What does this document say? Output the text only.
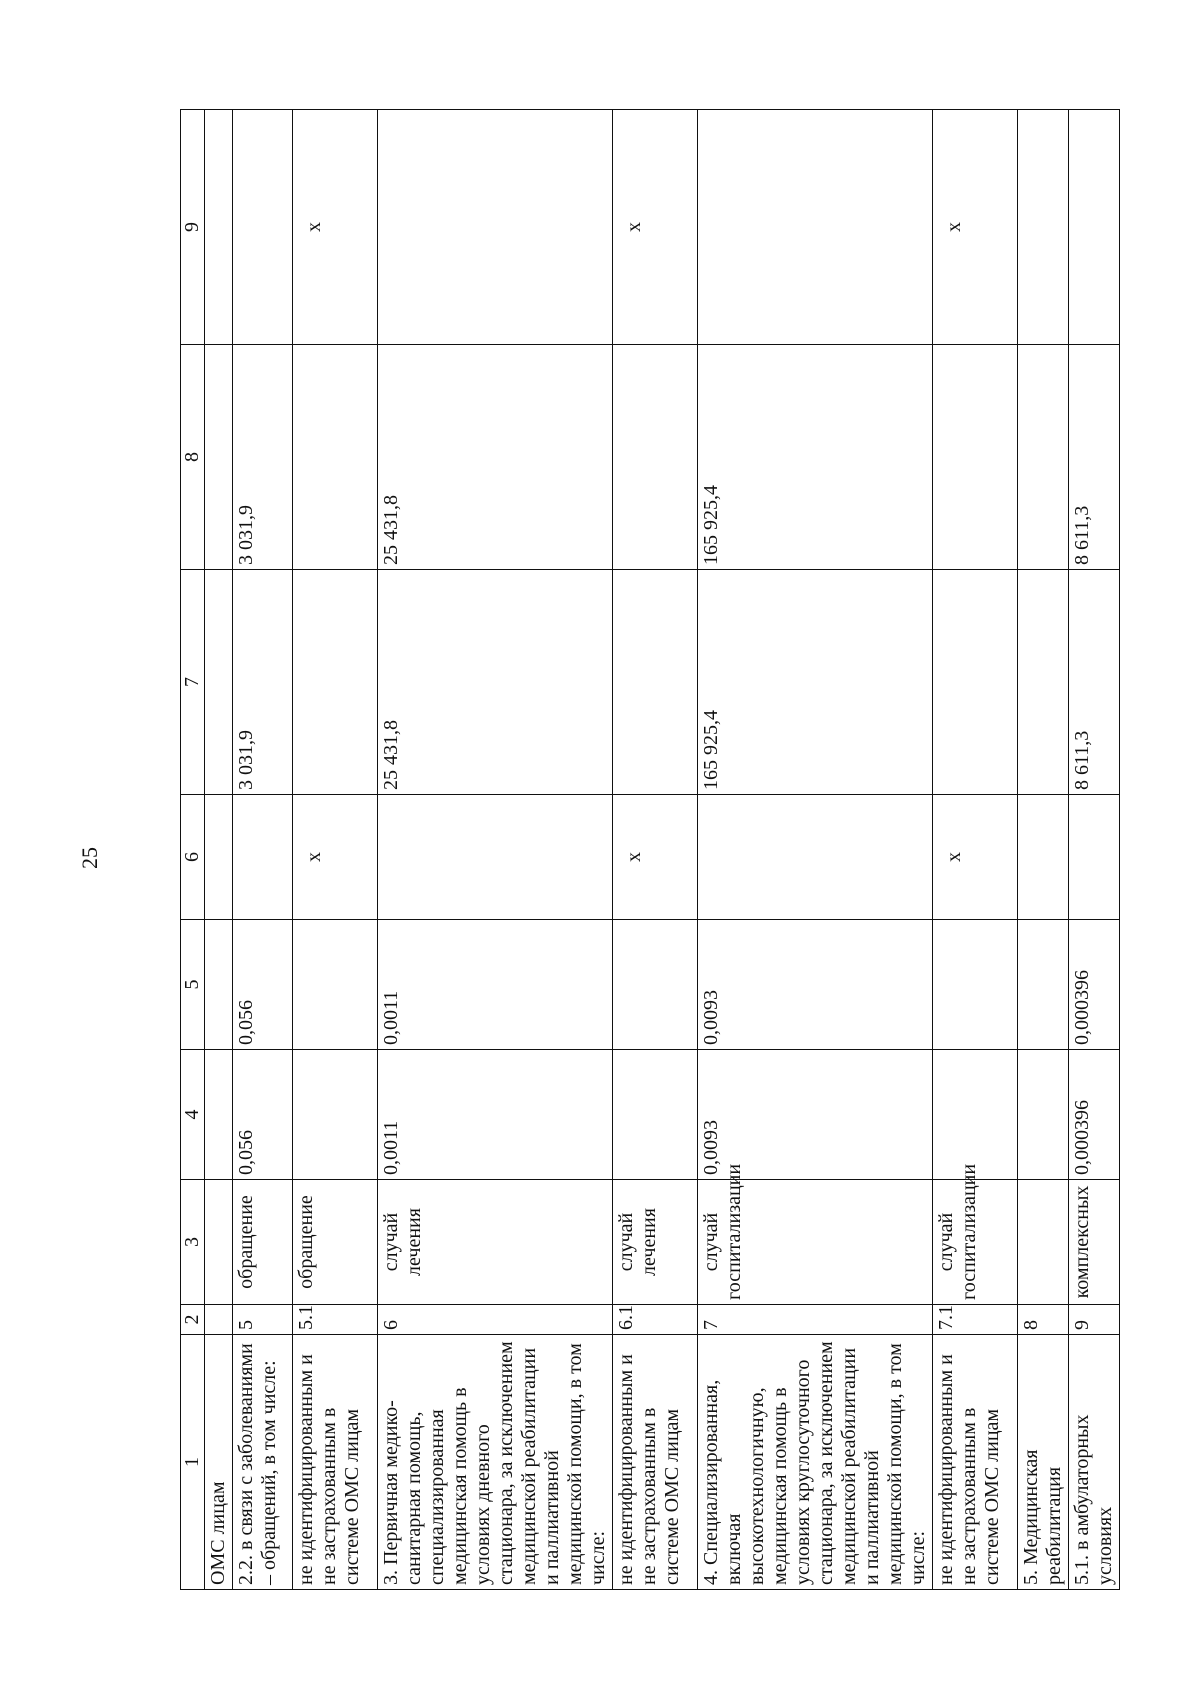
25
1	2	3	4	5	6	7	8	9
ОМС лицам								
2.2. в связи с заболеваниями – обращений, в том числе:	5	обращение	0,056	0,056		3 031,9	3 031,9	
не идентифицированным и не застрахованным в системе ОМС лицам	5.1	обращение			x			x
3. Первичная медико-санитарная помощь, специализированная медицинская помощь в условиях дневного стационара, за исключением медицинской реабилитации и паллиативной медицинской помощи, в том числе:	6	случай лечения	0,0011	0,0011		25 431,8	25 431,8	
не идентифицированным и не застрахованным в системе ОМС лицам	6.1	случай лечения			x			x
4. Специализированная, включая высокотехнологичную, медицинская помощь в условиях круглосуточного стационара, за исключением медицинской реабилитации и паллиативной медицинской помощи, в том числе:	7	случай госпитализации	0,0093	0,0093		165 925,4	165 925,4	
не идентифицированным и не застрахованным в системе ОМС лицам	7.1	случай госпитализации			x			x
5. Медицинская реабилитация	8							
5.1. в амбулаторных условиях	9	комплексных	0,000396	0,000396		8 611,3	8 611,3	
